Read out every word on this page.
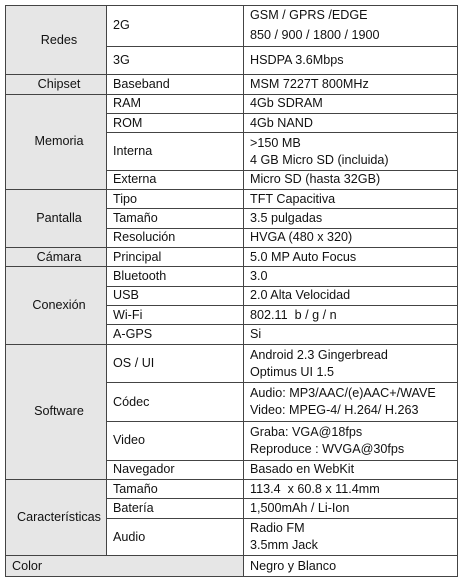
Redes	2G	GSM / GPRS /EDGE
850 / 900 / 1800 / 1900

	3G	HSDPA 3.6Mbps
Chipset	Baseband	MSM 7227T 800MHz
Memoria	RAM	4Gb SDRAM
	ROM	4Gb NAND
	Interna	>150 MB
4 GB Micro SD (incluida)

	Externa	Micro SD (hasta 32GB)
Pantalla	Tipo	TFT Capacitiva
	Tamaño	3.5 pulgadas
	Resolución	HVGA (480 x 320)
Cámara	Principal	5.0 MP Auto Focus
Conexión	Bluetooth	3.0
	USB	2.0 Alta Velocidad
	Wi-Fi	802.11  b / g / n
	A-GPS	Si
Software	OS / UI	Android 2.3 Gingerbread
Optimus UI 1.5

	Códec	Audio: MP3/AAC/(e)AAC+/WAVE
Video: MPEG-4/ H.264/ H.263

	Video	Graba: VGA@18fps
Reproduce : WVGA@30fps

	Navegador	Basado en WebKit
Características	Tamaño	113.4  x 60.8 x 11.4mm
	Batería	1,500mAh / Li-Ion
	Audio	Radio FM
3.5mm Jack

Color		Negro y Blanco
